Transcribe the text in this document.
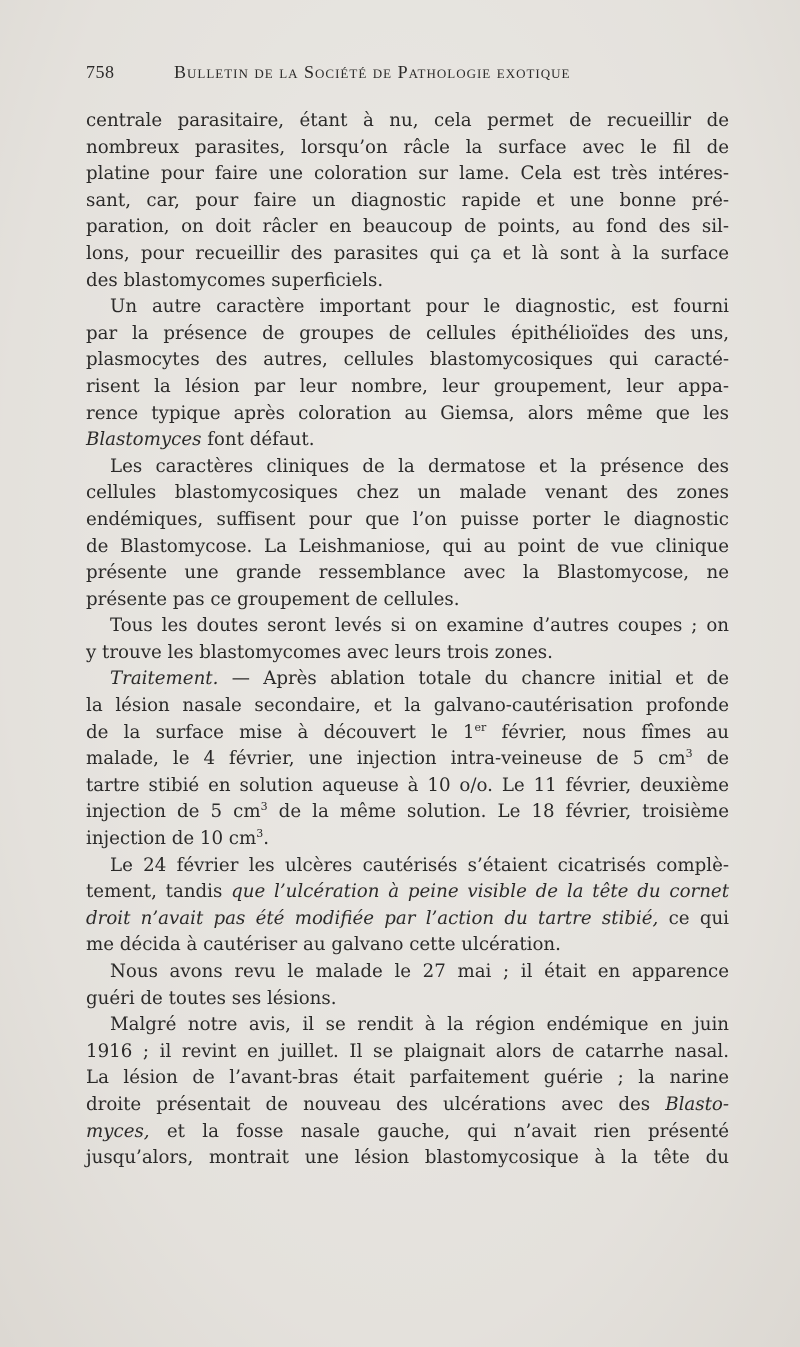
758	Bulletin de la Société de Pathologie exotique
centrale parasitaire, étant à nu, cela permet de recueillir de
nombreux parasites, lorsqu’on râcle la surface avec le fil de
platine pour faire une coloration sur lame. Cela est très intéres-
sant, car, pour faire un diagnostic rapide et une bonne pré-
paration, on doit râcler en beaucoup de points, au fond des sil-
lons, pour recueillir des parasites qui ça et là sont à la surface
des blastomycomes superficiels.
Un autre caractère important pour le diagnostic, est fourni
par la présence de groupes de cellules épithélioïdes des uns,
plasmocytes des autres, cellules blastomycosiques qui caracté-
risent la lésion par leur nombre, leur groupement, leur appa-
rence typique après coloration au Giemsa, alors même que les
Blastomyces font défaut.
Les caractères cliniques de la dermatose et la présence des
cellules blastomycosiques chez un malade venant des zones
endémiques, suffisent pour que l’on puisse porter le diagnostic
de Blastomycose. La Leishmaniose, qui au point de vue clinique
présente une grande ressemblance avec la Blastomycose, ne
présente pas ce groupement de cellules.
Tous les doutes seront levés si on examine d’autres coupes ; on
y trouve les blastomycomes avec leurs trois zones.
Traitement. — Après ablation totale du chancre initial et de
la lésion nasale secondaire, et la galvano-cautérisation profonde
de la surface mise à découvert le 1er février, nous fîmes au
malade, le 4 février, une injection intra-veineuse de 5 $cm^3$ de
tartre stibié en solution aqueuse à 10 o/o. Le 11 février, deuxième
injection de 5 $cm^3$ de la même solution. Le 18 février, troisième
injection de 10 $cm^3$.
Le 24 février les ulcères cautérisés s’étaient cicatrisés complè-
tement, tandis que l’ulcération à peine visible de la tête du cornet
droit n’avait pas été modifiée par l’action du tartre stibié, ce qui
me décida à cautériser au galvano cette ulcération.
Nous avons revu le malade le 27 mai ; il était en apparence
guéri de toutes ses lésions.
Malgré notre avis, il se rendit à la région endémique en juin
1916 ; il revint en juillet. Il se plaignait alors de catarrhe nasal.
La lésion de l’avant-bras était parfaitement guérie ; la narine
droite présentait de nouveau des ulcérations avec des Blasto-
myces, et la fosse nasale gauche, qui n’avait rien présenté
jusqu’alors, montrait une lésion blastomycosique à la tête du
